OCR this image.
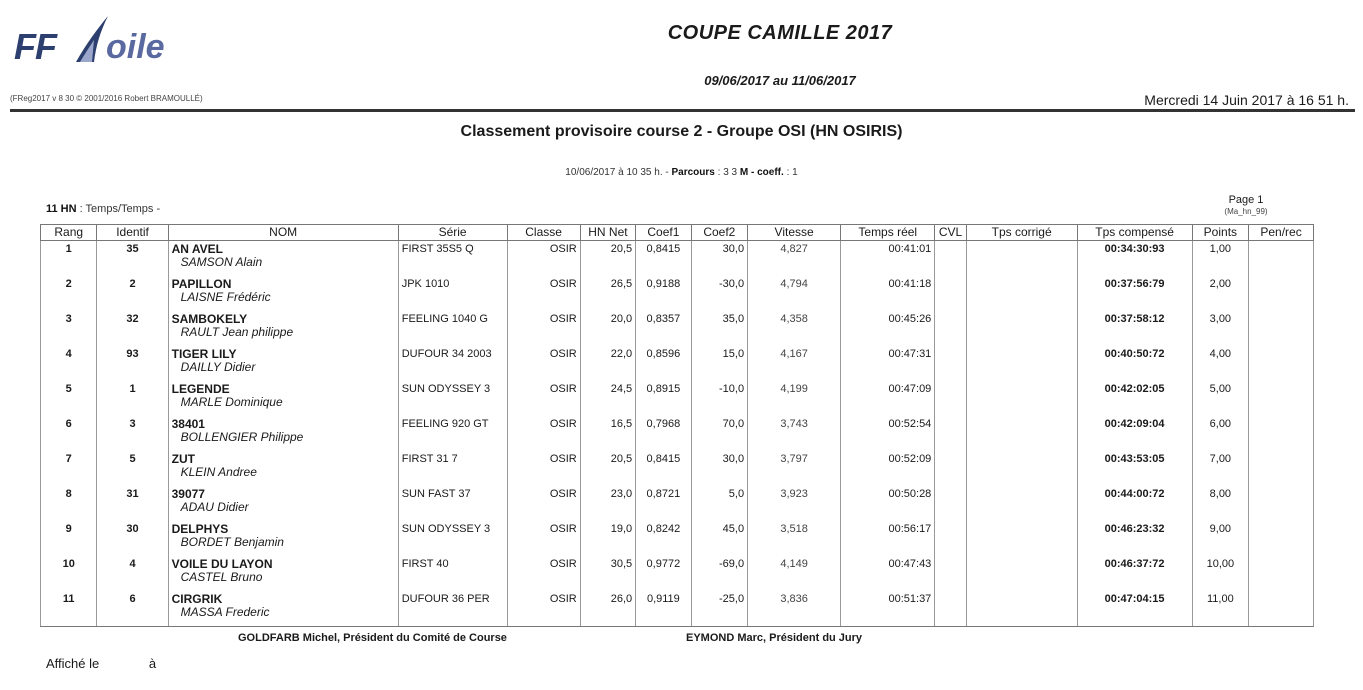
FF oile	COUPE CAMILLE 2017
09/06/2017 au 11/06/2017
(FReg2017 v 8 30 © 2001/2016 Robert BRAMOULLÉ)	Mercredi 14 Juin 2017 à 16 51 h.
Classement provisoire course 2 - Groupe OSI (HN OSIRIS)
10/06/2017 à 10 35 h. - Parcours : 3 3 M - coeff. : 1
11 HN : Temps/Temps -
Page 1
(Ma_hn_99)
Rang	Identif	NOM	Série	Classe	HN Net	Coef1	Coef2	Vitesse	Temps réel	CVL	Tps corrigé	Tps compensé	Points	Pen/rec
1	35	AN AVEL
SAMSON Alain	FIRST 35S5 Q	OSIR	20,5	0,8415	30,0	4,827	00:41:01			00:34:30:93	1,00	
2	2	PAPILLON
LAISNE Frédéric	JPK 1010	OSIR	26,5	0,9188	-30,0	4,794	00:41:18			00:37:56:79	2,00	
3	32	SAMBOKELY
RAULT Jean philippe	FEELING 1040 G	OSIR	20,0	0,8357	35,0	4,358	00:45:26			00:37:58:12	3,00	
4	93	TIGER LILY
DAILLY Didier	DUFOUR 34 2003	OSIR	22,0	0,8596	15,0	4,167	00:47:31			00:40:50:72	4,00	
5	1	LEGENDE
MARLE Dominique	SUN ODYSSEY 3	OSIR	24,5	0,8915	-10,0	4,199	00:47:09			00:42:02:05	5,00	
6	3	38401
BOLLENGIER Philippe	FEELING 920 GT	OSIR	16,5	0,7968	70,0	3,743	00:52:54			00:42:09:04	6,00	
7	5	ZUT
KLEIN Andree	FIRST 31 7	OSIR	20,5	0,8415	30,0	3,797	00:52:09			00:43:53:05	7,00	
8	31	39077
ADAU Didier	SUN FAST 37	OSIR	23,0	0,8721	5,0	3,923	00:50:28			00:44:00:72	8,00	
9	30	DELPHYS
BORDET Benjamin	SUN ODYSSEY 3	OSIR	19,0	0,8242	45,0	3,518	00:56:17			00:46:23:32	9,00	
10	4	VOILE DU LAYON
CASTEL Bruno	FIRST 40	OSIR	30,5	0,9772	-69,0	4,149	00:47:43			00:46:37:72	10,00	
11	6	CIRGRIK
MASSA Frederic	DUFOUR 36 PER	OSIR	26,0	0,9119	-25,0	3,836	00:51:37			00:47:04:15	11,00	
GOLDFARB Michel, Président du Comité de Course	EYMOND Marc, Président du Jury
Affiché le	à
